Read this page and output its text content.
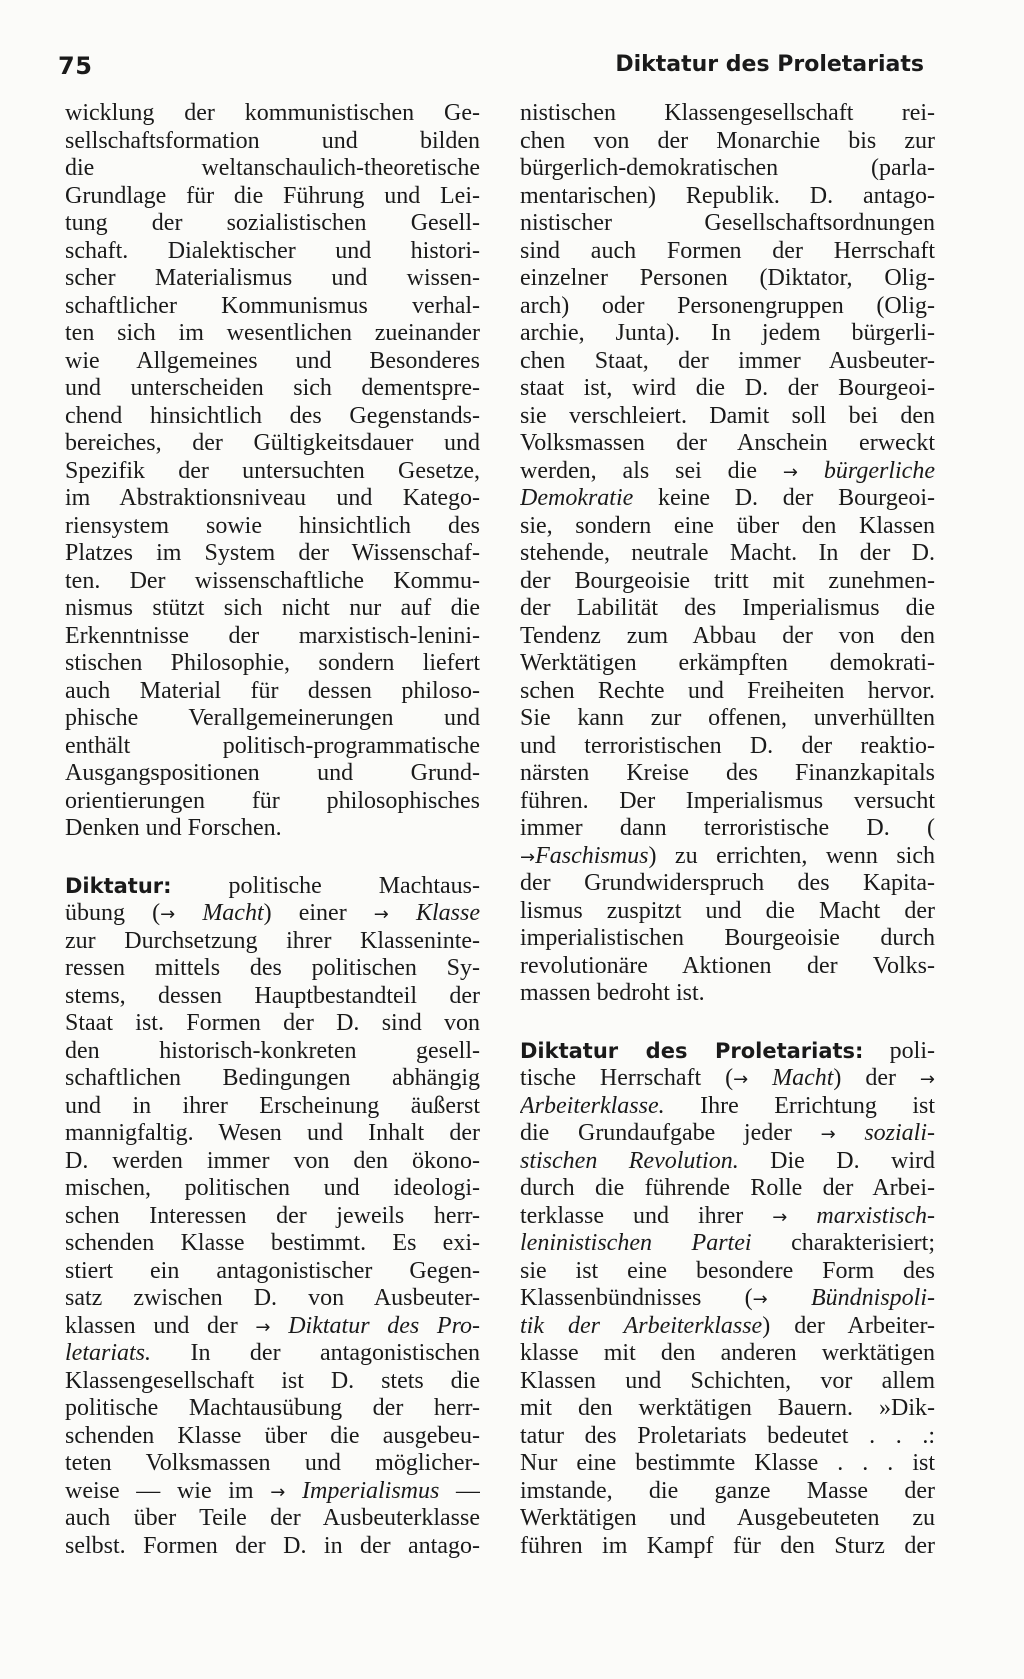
75	Diktatur des Proletariats
wicklung der kommunistischen Ge-
sellschaftsformation und bilden
die weltanschaulich-theoretische
Grundlage für die Führung und Lei-
tung der sozialistischen Gesell-
schaft. Dialektischer und histori-
scher Materialismus und wissen-
schaftlicher Kommunismus verhal-
ten sich im wesentlichen zueinander
wie Allgemeines und Besonderes
und unterscheiden sich dementspre-
chend hinsichtlich des Gegenstands-
bereiches, der Gültigkeitsdauer und
Spezifik der untersuchten Gesetze,
im Abstraktionsniveau und Katego-
riensystem sowie hinsichtlich des
Platzes im System der Wissenschaf-
ten. Der wissenschaftliche Kommu-
nismus stützt sich nicht nur auf die
Erkenntnisse der marxistisch-lenini-
stischen Philosophie, sondern liefert
auch Material für dessen philoso-
phische Verallgemeinerungen und
enthält politisch-programmatische
Ausgangspositionen und Grund-
orientierungen für philosophisches
Denken und Forschen.
Diktatur: politische Machtaus-
übung (→ Macht) einer → Klasse
zur Durchsetzung ihrer Klasseninte-
ressen mittels des politischen Sy-
stems, dessen Hauptbestandteil der
Staat ist. Formen der D. sind von
den historisch-konkreten gesell-
schaftlichen Bedingungen abhängig
und in ihrer Erscheinung äußerst
mannigfaltig. Wesen und Inhalt der
D. werden immer von den ökono-
mischen, politischen und ideologi-
schen Interessen der jeweils herr-
schenden Klasse bestimmt. Es exi-
stiert ein antagonistischer Gegen-
satz zwischen D. von Ausbeuter-
klassen und der → Diktatur des Pro-
letariats. In der antagonistischen
Klassengesellschaft ist D. stets die
politische Machtausübung der herr-
schenden Klasse über die ausgebeu-
teten Volksmassen und möglicher-
weise — wie im → Imperialismus —
auch über Teile der Ausbeuterklasse
selbst. Formen der D. in der antago-
nistischen Klassengesellschaft rei-
chen von der Monarchie bis zur
bürgerlich-demokratischen (parla-
mentarischen) Republik. D. antago-
nistischer Gesellschaftsordnungen
sind auch Formen der Herrschaft
einzelner Personen (Diktator, Olig-
arch) oder Personengruppen (Olig-
archie, Junta). In jedem bürgerli-
chen Staat, der immer Ausbeuter-
staat ist, wird die D. der Bourgeoi-
sie verschleiert. Damit soll bei den
Volksmassen der Anschein erweckt
werden, als sei die → bürgerliche
Demokratie keine D. der Bourgeoi-
sie, sondern eine über den Klassen
stehende, neutrale Macht. In der D.
der Bourgeoisie tritt mit zunehmen-
der Labilität des Imperialismus die
Tendenz zum Abbau der von den
Werktätigen erkämpften demokrati-
schen Rechte und Freiheiten hervor.
Sie kann zur offenen, unverhüllten
und terroristischen D. der reaktio-
närsten Kreise des Finanzkapitals
führen. Der Imperialismus versucht
immer dann terroristische D. (
→Faschismus) zu errichten, wenn sich
der Grundwiderspruch des Kapita-
lismus zuspitzt und die Macht der
imperialistischen Bourgeoisie durch
revolutionäre Aktionen der Volks-
massen bedroht ist.
Diktatur des Proletariats: poli-
tische Herrschaft (→ Macht) der →
Arbeiterklasse. Ihre Errichtung ist
die Grundaufgabe jeder → soziali-
stischen Revolution. Die D. wird
durch die führende Rolle der Arbei-
terklasse und ihrer → marxistisch-
leninistischen Partei charakterisiert;
sie ist eine besondere Form des
Klassenbündnisses (→ Bündnispoli-
tik der Arbeiterklasse) der Arbeiter-
klasse mit den anderen werktätigen
Klassen und Schichten, vor allem
mit den werktätigen Bauern. »Dik-
tatur des Proletariats bedeutet . . .:
Nur eine bestimmte Klasse . . . ist
imstande, die ganze Masse der
Werktätigen und Ausgebeuteten zu
führen im Kampf für den Sturz der
